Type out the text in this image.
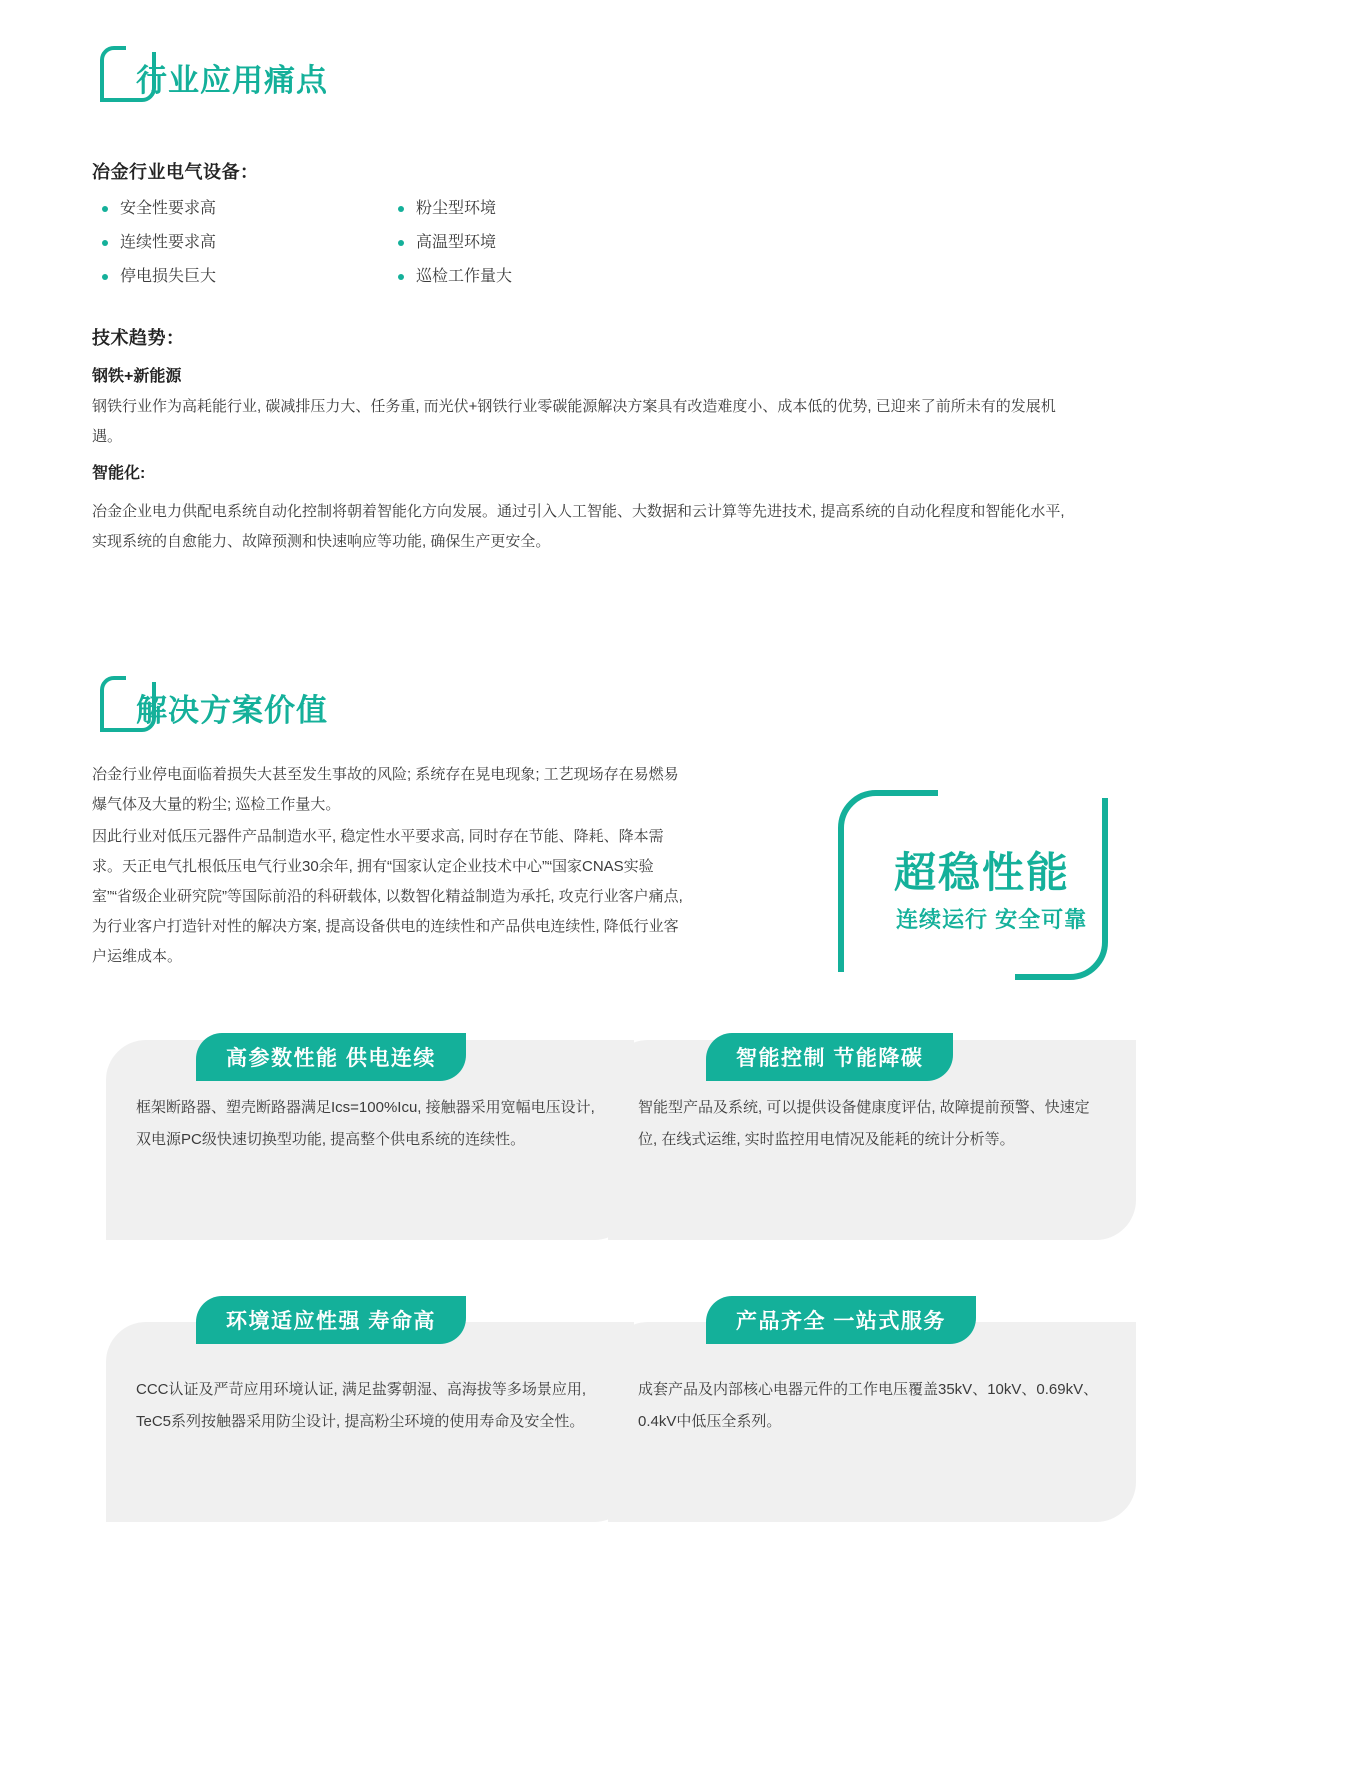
行业应用痛点
冶金行业电气设备：
安全性要求高
连续性要求高
停电损失巨大
粉尘型环境
高温型环境
巡检工作量大
技术趋势：
钢铁+新能源
钢铁行业作为高耗能行业, 碳减排压力大、任务重, 而光伏+钢铁行业零碳能源解决方案具有改造难度小、成本低的优势, 已迎来了前所未有的发展机遇。
智能化:
冶金企业电力供配电系统自动化控制将朝着智能化方向发展。通过引入人工智能、大数据和云计算等先进技术, 提高系统的自动化程度和智能化水平, 实现系统的自愈能力、故障预测和快速响应等功能, 确保生产更安全。
解决方案价值
冶金行业停电面临着损失大甚至发生事故的风险; 系统存在晃电现象; 工艺现场存在易燃易爆气体及大量的粉尘; 巡检工作量大。
因此行业对低压元器件产品制造水平, 稳定性水平要求高, 同时存在节能、降耗、降本需求。天正电气扎根低压电气行业30余年, 拥有“国家认定企业技术中心”“国家CNAS实验室”“省级企业研究院”等国际前沿的科研载体, 以数智化精益制造为承托, 攻克行业客户痛点, 为行业客户打造针对性的解决方案, 提高设备供电的连续性和产品供电连续性, 降低行业客户运维成本。
超稳性能
连续运行 安全可靠
框架断路器、塑壳断路器满足Ics=100%Icu, 接触器采用宽幅电压设计, 双电源PC级快速切换型功能, 提高整个供电系统的连续性。
高参数性能 供电连续
智能型产品及系统, 可以提供设备健康度评估, 故障提前预警、快速定位, 在线式运维, 实时监控用电情况及能耗的统计分析等。
智能控制 节能降碳
CCC认证及严苛应用环境认证, 满足盐雾朝湿、高海拔等多场景应用, TeC5系列按触器采用防尘设计, 提高粉尘环境的使用寿命及安全性。
环境适应性强 寿命高
成套产品及内部核心电器元件的工作电压覆盖35kV、10kV、0.69kV、0.4kV中低压全系列。
产品齐全 一站式服务
